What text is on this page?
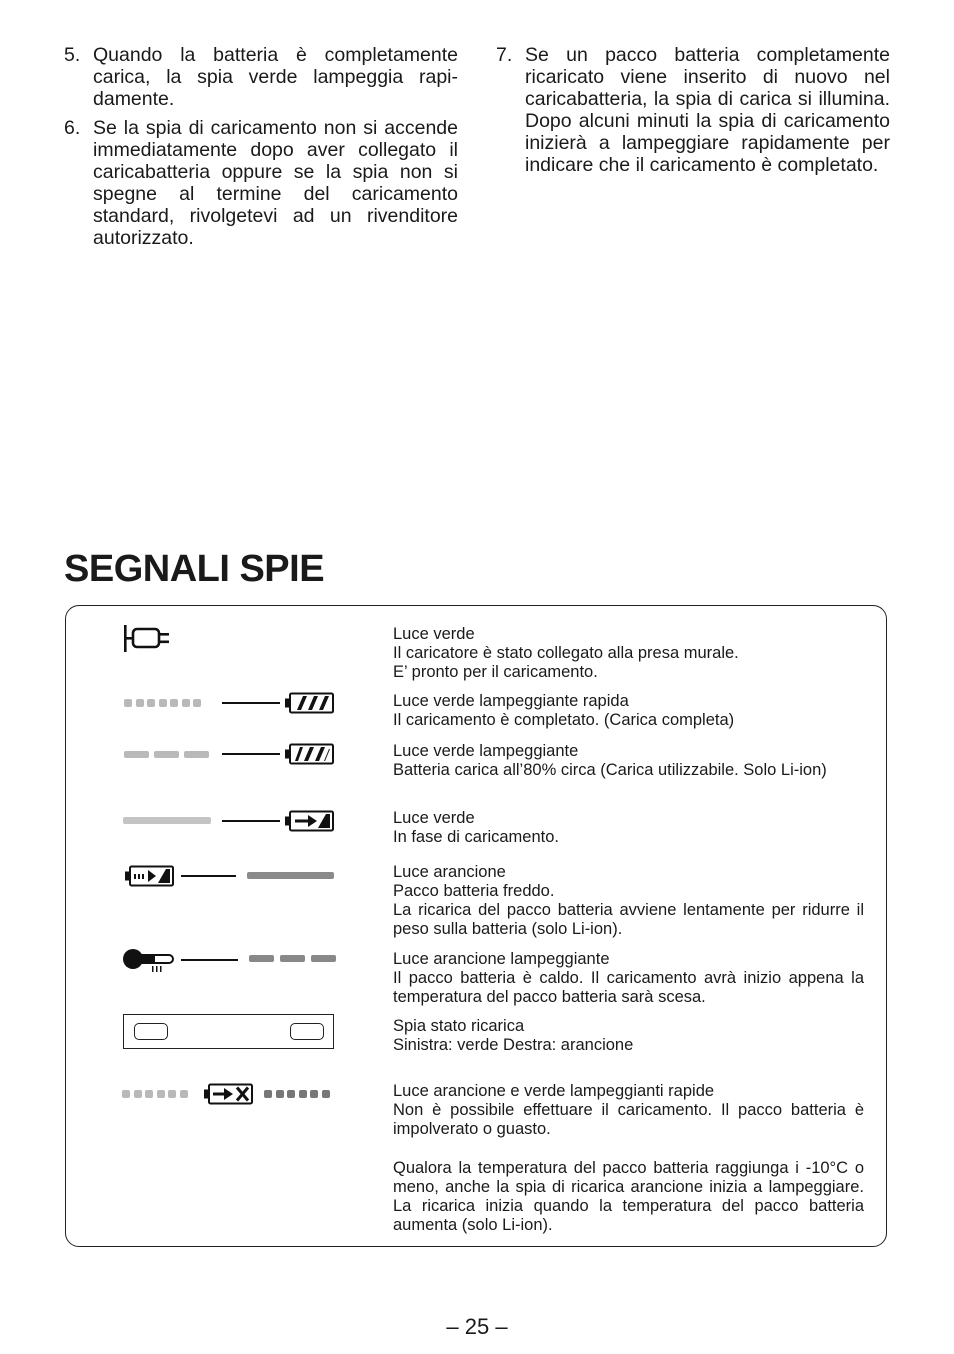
5. Quando la batteria è completamente carica, la spia verde lampeggia rapidamente.
6. Se la spia di caricamento non si accende immediatamente dopo aver collegato il caricabatteria oppure se la spia non si spegne al termine del caricamento standard, rivolgetevi ad un rivenditore autorizzato.
7. Se un pacco batteria completamente ricaricato viene inserito di nuovo nel caricabatteria, la spia di carica si illumina. Dopo alcuni minuti la spia di caricamento inizierà a lampeggiare rapidamente per indicare che il caricamento è completato.
SEGNALI SPIE
Luce verde
Il caricatore è stato collegato alla presa murale.
E’ pronto per il caricamento.
Luce verde lampeggiante rapida
Il caricamento è completato. (Carica completa)
Luce verde lampeggiante
Batteria carica all’80% circa (Carica utilizzabile. Solo Li-ion)
Luce verde
In fase di caricamento.
Luce arancione
Pacco batteria freddo.
La ricarica del pacco batteria avviene lentamente per ridurre il peso sulla batteria (solo Li-ion).
Luce arancione lampeggiante
Il pacco batteria è caldo. Il caricamento avrà inizio appena la temperatura del pacco batteria sarà scesa.
Spia stato ricarica
Sinistra: verde Destra: arancione
Luce arancione e verde lampeggianti rapide
Non è possibile effettuare il caricamento. Il pacco batteria è impolverato o guasto.
Qualora la temperatura del pacco batteria raggiunga i -10°C o meno, anche la spia di ricarica arancione inizia a lampeggiare. La ricarica inizia quando la temperatura del pacco batteria aumenta (solo Li-ion).
– 25 –
